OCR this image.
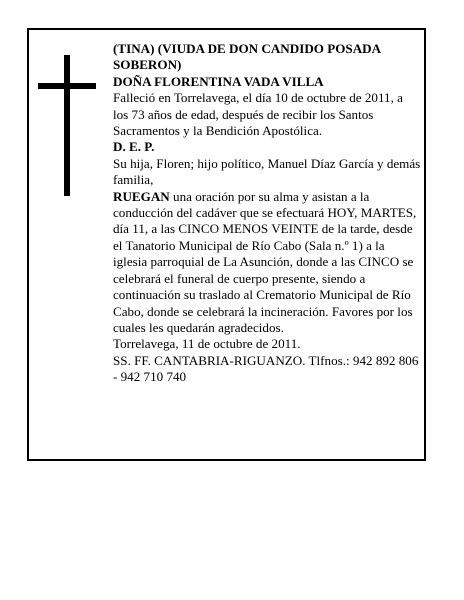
(TINA) (VIUDA DE DON CANDIDO POSADA SOBERON)

DOÑA FLORENTINA VADA VILLA

Falleció en Torrelavega, el día 10 de octubre de 2011, a los 73 años de edad, después de recibir los Santos Sacramentos y la Bendición Apostólica.

D. E. P.

Su hija, Floren; hijo político, Manuel Díaz García y demás familia,

RUEGAN una oración por su alma y asistan a la conducción del cadáver que se efectuará HOY, MARTES, día 11, a las CINCO MENOS VEINTE de la tarde, desde el Tanatorio Municipal de Río Cabo (Sala n.º 1) a la iglesia parroquial de La Asunción, donde a las CINCO se celebrará el funeral de cuerpo presente, siendo a continuación su traslado al Crematorio Municipal de Río Cabo, donde se celebrará la incineración. Favores por los cuales les quedarán agradecidos.

Torrelavega, 11 de octubre de 2011.

SS. FF. CANTABRIA-RIGUANZO. Tlfnos.: 942 892 806 - 942 710 740
